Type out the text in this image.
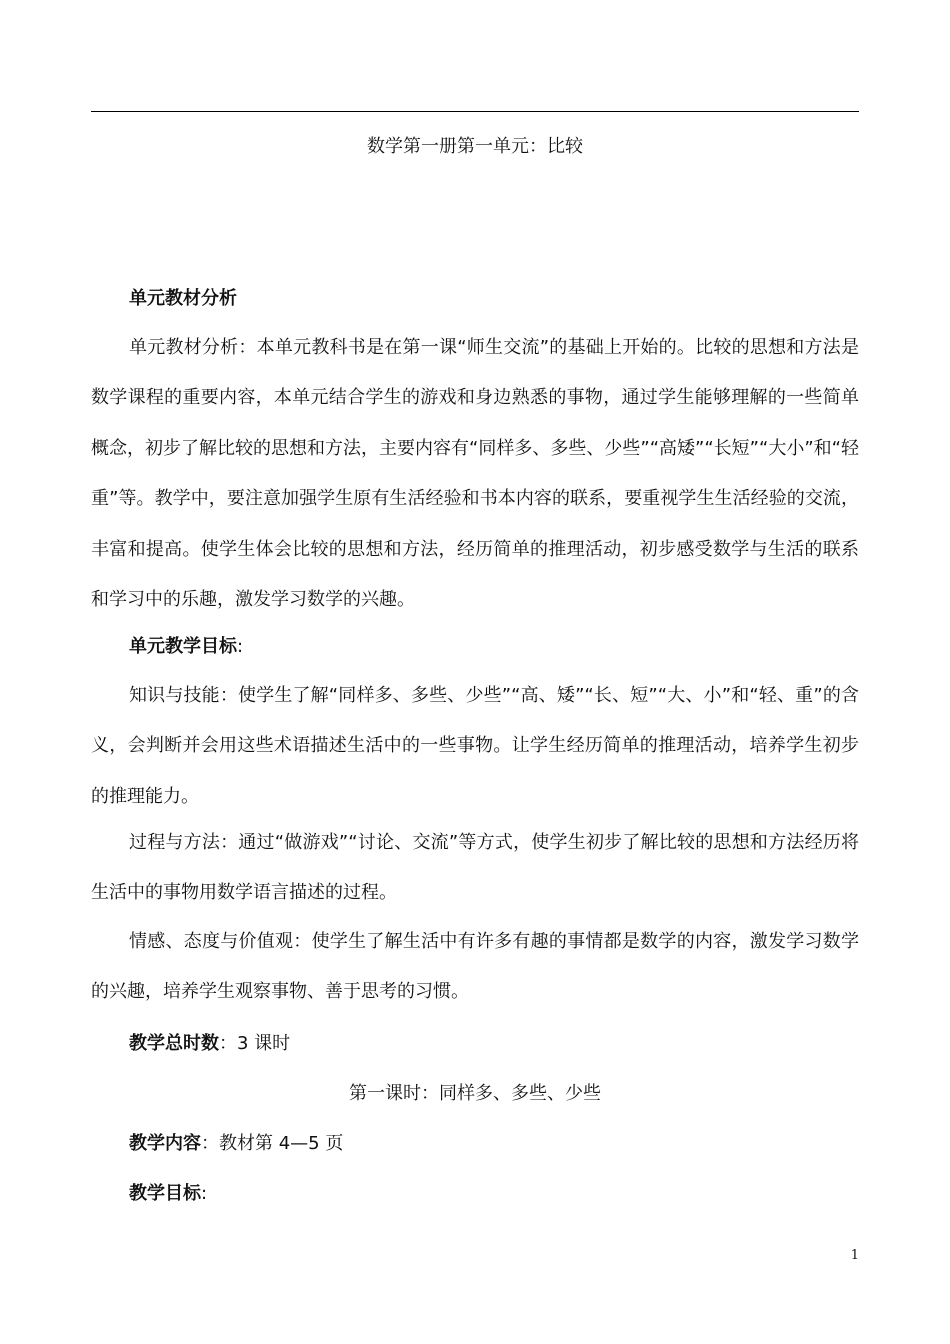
数学第一册第一单元：比较

单元教材分析

单元教材分析：本单元教科书是在第一课“师生交流”的基础上开始的。比较的思想和方法是数学课程的重要内容，本单元结合学生的游戏和身边熟悉的事物，通过学生能够理解的一些简单概念，初步了解比较的思想和方法，主要内容有“同样多、多些、少些”“高矮”“长短”“大小”和“轻重”等。教学中，要注意加强学生原有生活经验和书本内容的联系，要重视学生生活经验的交流，丰富和提高。使学生体会比较的思想和方法，经历简单的推理活动，初步感受数学与生活的联系和学习中的乐趣，激发学习数学的兴趣。

单元教学目标:

知识与技能：使学生了解“同样多、多些、少些”“高、矮”“长、短”“大、小”和“轻、重”的含义，会判断并会用这些术语描述生活中的一些事物。让学生经历简单的推理活动，培养学生初步的推理能力。

过程与方法：通过“做游戏”“讨论、交流”等方式，使学生初步了解比较的思想和方法经历将生活中的事物用数学语言描述的过程。

情感、态度与价值观：使学生了解生活中有许多有趣的事情都是数学的内容，激发学习数学的兴趣，培养学生观察事物、善于思考的习惯。

教学总时数：3 课时

第一课时：同样多、多些、少些

教学内容：教材第 4—5 页

教学目标:

1
